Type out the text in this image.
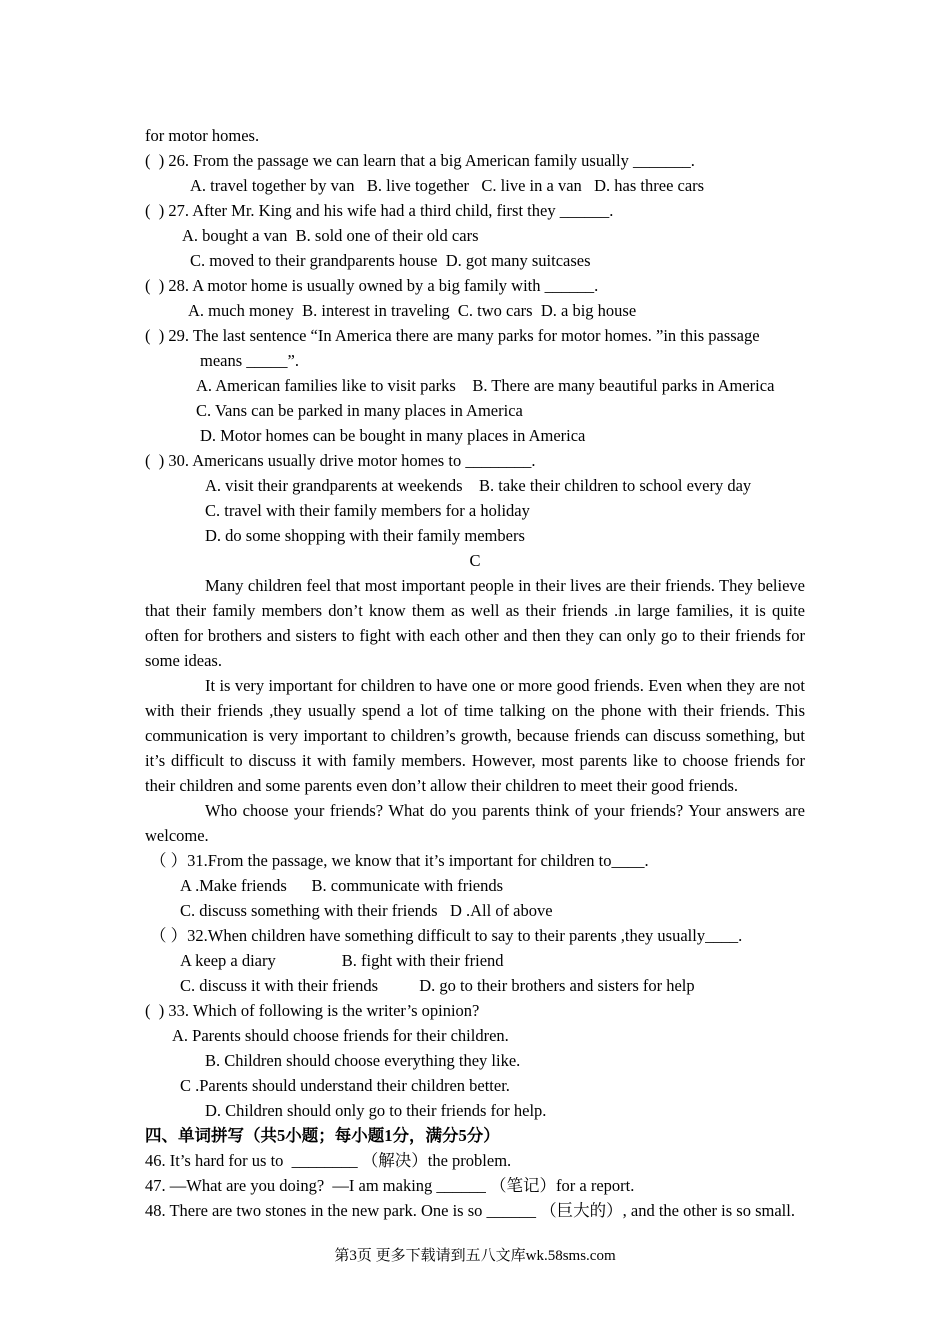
for motor homes.

(  ) 26. From the passage we can learn that a big American family usually _______.

A. travel together by van   B. live together   C. live in a van   D. has three cars

(  ) 27. After Mr. King and his wife had a third child, first they ______.

A. bought a van  B. sold one of their old cars

C. moved to their grandparents house  D. got many suitcases

(  ) 28. A motor home is usually owned by a big family with ______.

A. much money  B. interest in traveling  C. two cars  D. a big house

(  ) 29. The last sentence “In America there are many parks for motor homes. ”in this passage

means _____”.

A. American families like to visit parks    B. There are many beautiful parks in America

C. Vans can be parked in many places in America

D. Motor homes can be bought in many places in America

(  ) 30. Americans usually drive motor homes to ________.

A. visit their grandparents at weekends    B. take their children to school every day

C. travel with their family members for a holiday

D. do some shopping with their family members

C

Many children feel that most important people in their lives are their friends. They believe that their family members don’t know them as well as their friends .in large families, it is quite often for brothers and sisters to fight with each other and then they can only go to their friends for some ideas.

It is very important for children to have one or more good friends. Even when they are not with their friends ,they usually spend a lot of time talking on the phone with their friends. This communication is very important to children’s growth, because friends can discuss something, but it’s difficult to discuss it with family members. However, most parents like to choose friends for their children and some parents even don’t allow their children to meet their good friends.

Who choose your friends? What do you parents think of your friends? Your answers are welcome.

（ ）31.From the passage, we know that it’s important for children to____.

A .Make friends      B. communicate with friends

C. discuss something with their friends   D .All of above

（ ）32.When children have something difficult to say to their parents ,they usually____.

A keep a diary                B. fight with their friend

C. discuss it with their friends          D. go to their brothers and sisters for help

(  ) 33. Which of following is the writer’s opinion?

A. Parents should choose friends for their children.

B. Children should choose everything they like.

C .Parents should understand their children better.

D. Children should only go to their friends for help.

四、单词拼写（共5小题；每小题1分，满分5分）

46. It’s hard for us to  ________ （解决）the problem.

47. —What are you doing?  —I am making ______ （笔记）for a report.

48. There are two stones in the new park. One is so ______ （巨大的）, and the other is so small.

第3页 更多下载请到五八文库wk.58sms.com
